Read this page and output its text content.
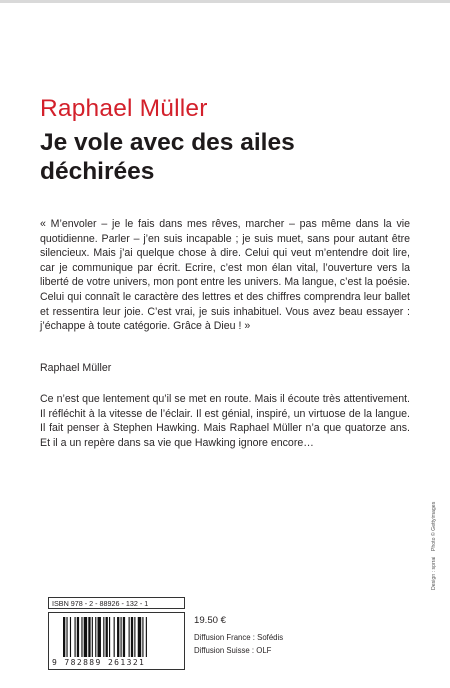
Raphael Müller
Je vole avec des ailes
déchirées
« M’envoler – je le fais dans mes rêves, marcher – pas même dans la vie quotidienne. Parler – j’en suis incapable ; je suis muet, sans pour autant être silencieux. Mais j’ai quelque chose à dire. Celui qui veut m’entendre doit lire, car je communique par écrit. Ecrire, c’est mon élan vital, l’ouverture vers la liberté de votre univers, mon pont entre les univers. Ma langue, c’est la poésie. Celui qui connaît le caractère des lettres et des chiffres comprendra leur ballet et ressentira leur joie. C’est vrai, je suis inhabituel. Vous avez beau essayer : j’échappe à toute catégorie. Grâce à Dieu ! »
Raphael Müller
Ce n’est que lentement qu’il se met en route. Mais il écoute très attentivement. Il réfléchit à la vitesse de l’éclair. Il est génial, inspiré, un virtuose de la langue. Il fait penser à Stephen Hawking. Mais Raphael Müller n’a que quatorze ans. Et il a un repère dans sa vie que Hawking ignore encore…
Design : sprrai Photo © Gettyimages
ISBN 978 - 2 - 88926 - 132 - 1
9 782889 261321
19.50 €
Diffusion France : Sofédis
Diffusion Suisse : OLF
